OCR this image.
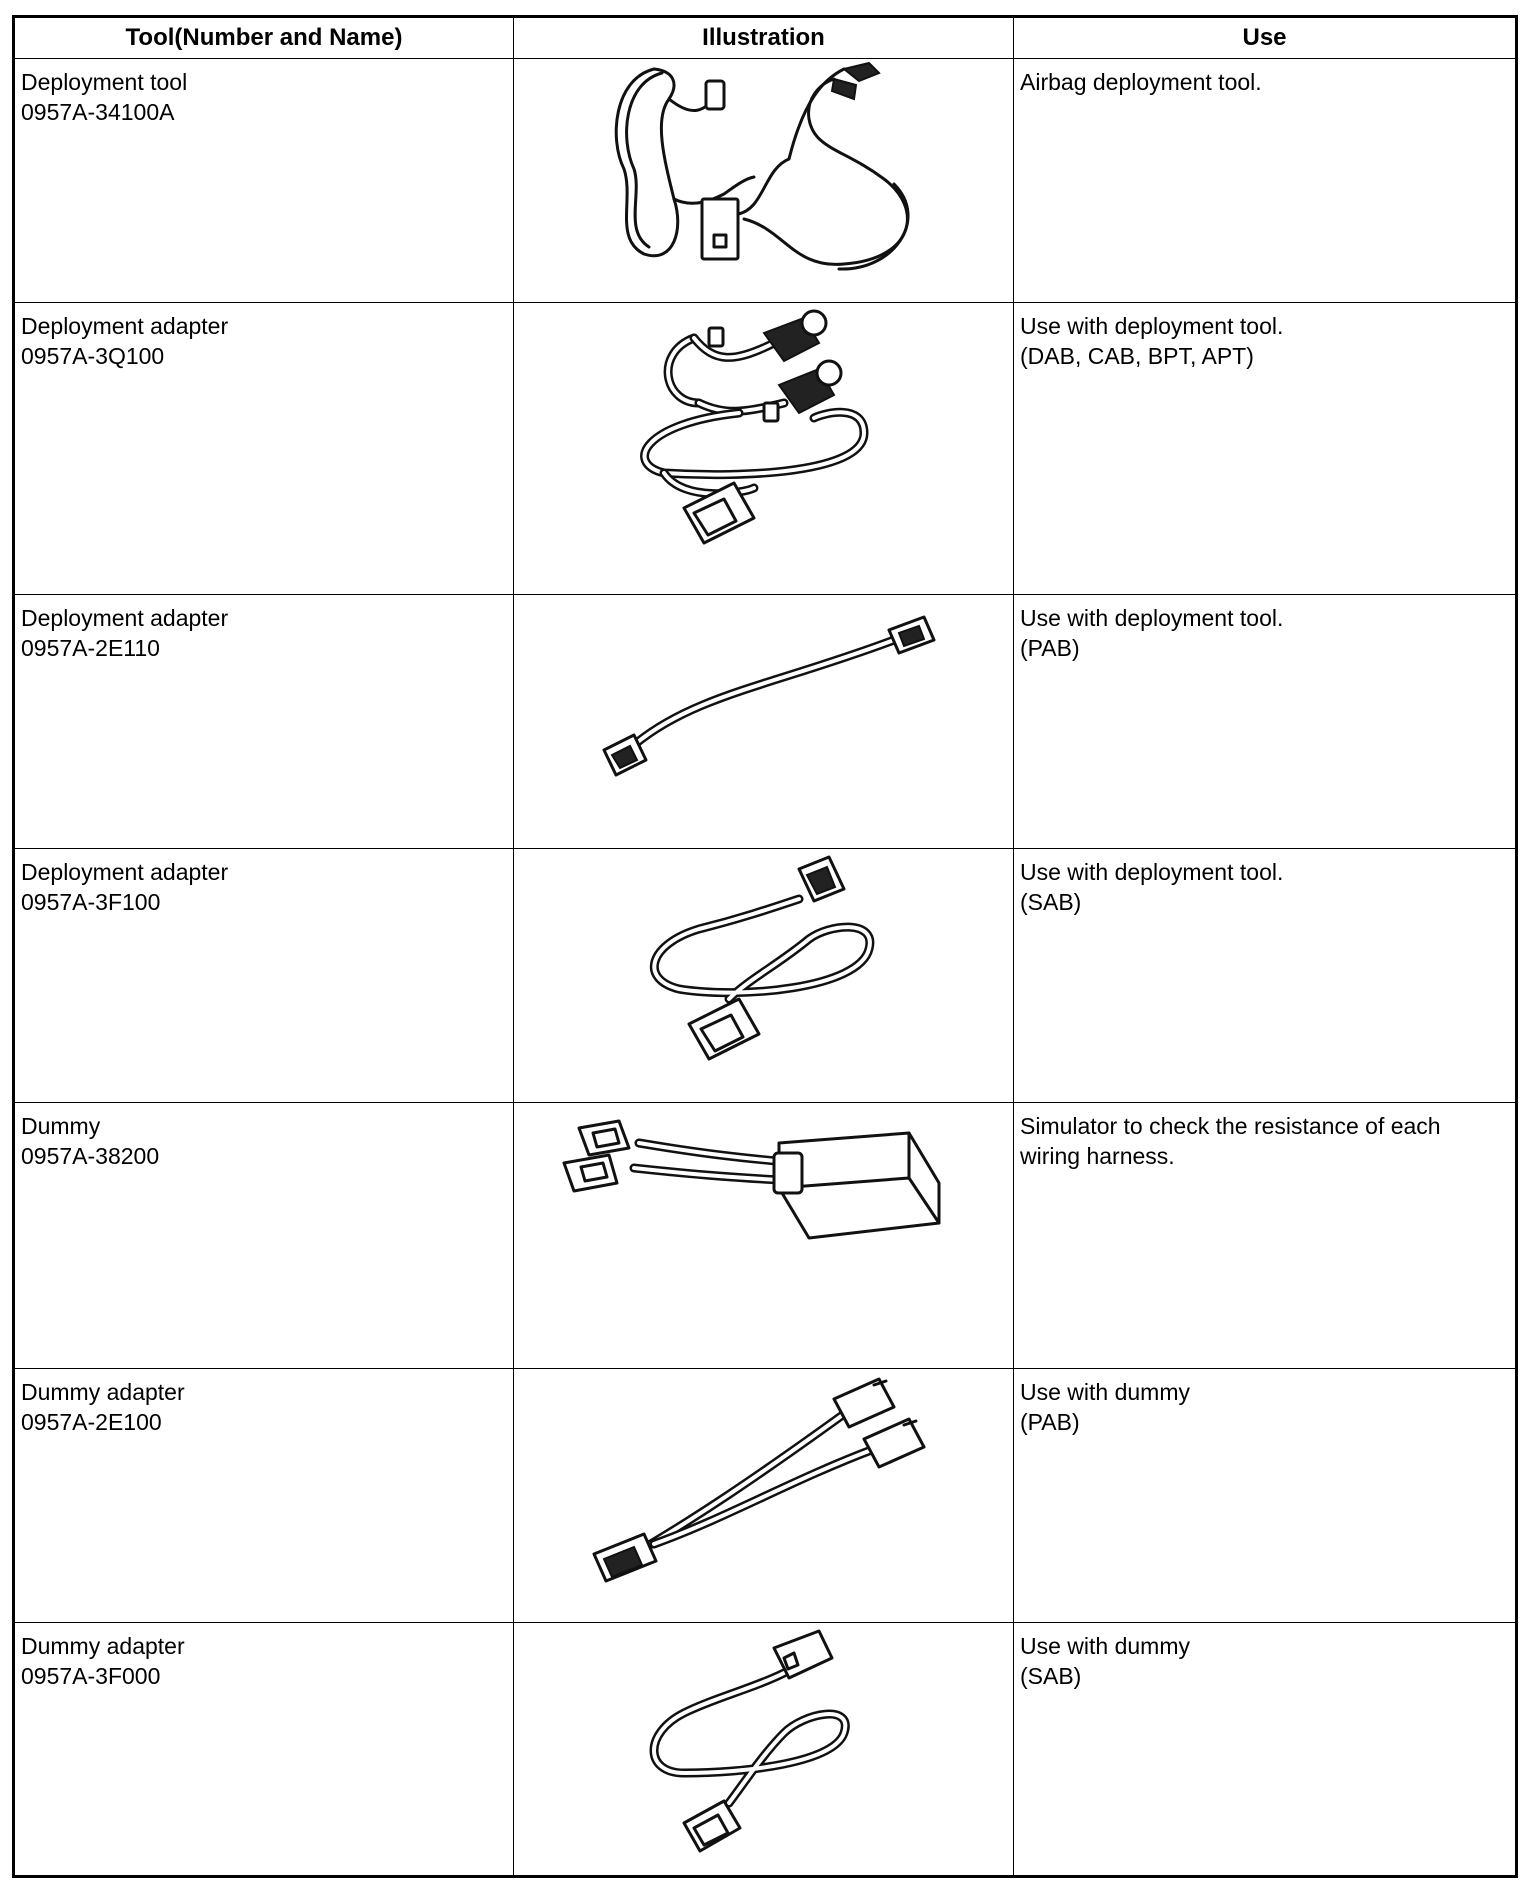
Tool(Number and Name)	Illustration	Use

Deployment tool
0957A-34100A		Airbag deployment tool.

Deployment adapter
0957A-3Q100		Use with deployment tool.
(DAB, CAB, BPT, APT)

Deployment adapter
0957A-2E110		Use with deployment tool.
(PAB)

Deployment adapter
0957A-3F100		Use with deployment tool.
(SAB)

Dummy
0957A-38200		Simulator to check the resistance of each
wiring harness.

Dummy adapter
0957A-2E100		Use with dummy
(PAB)

Dummy adapter
0957A-3F000		Use with dummy
(SAB)
